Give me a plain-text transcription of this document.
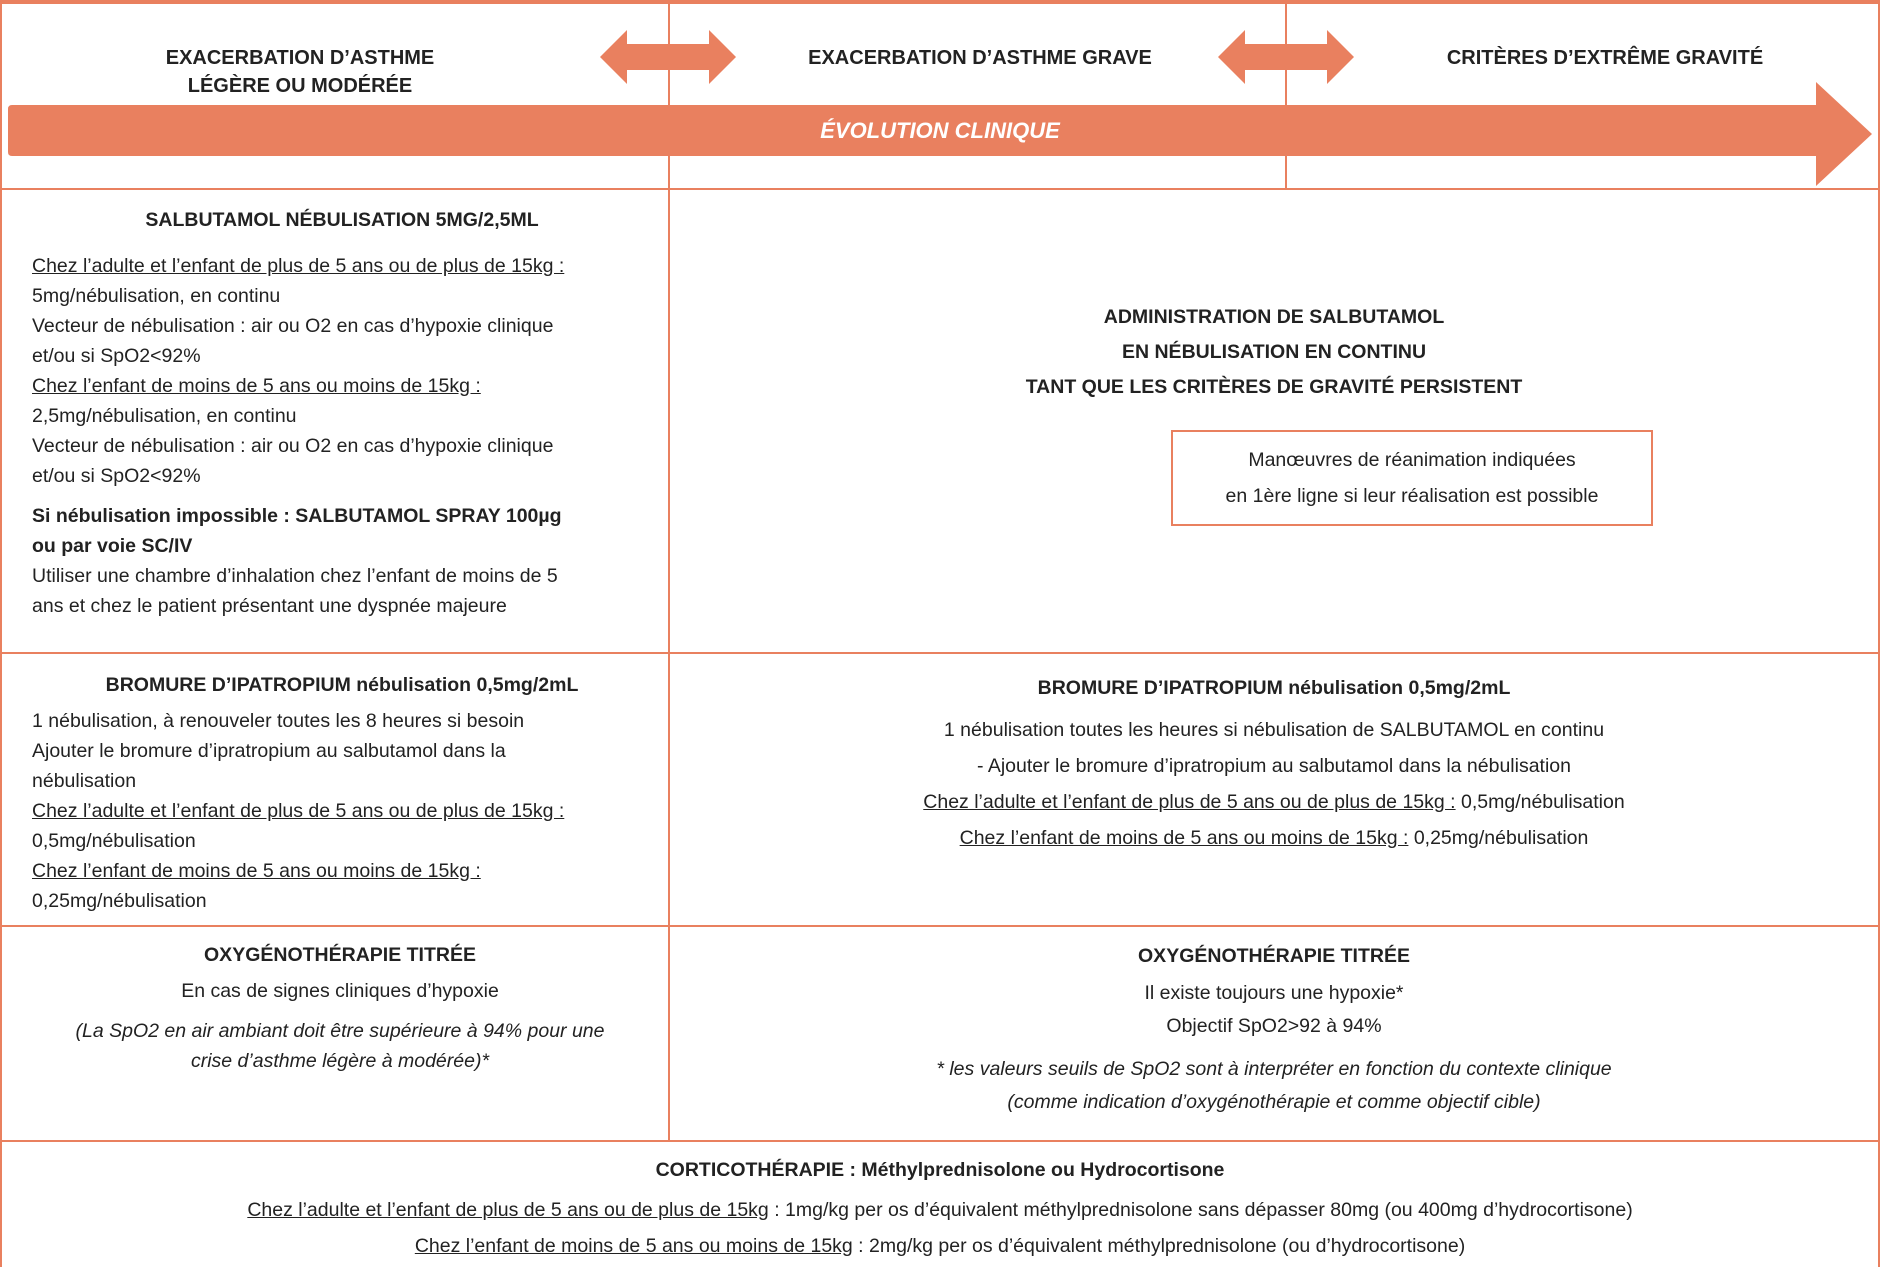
EXACERBATION D’ASTHME
LÉGÈRE OU MODÉRÉE
EXACERBATION D’ASTHME GRAVE	CRITÈRES D’EXTRÊME GRAVITÉ
ÉVOLUTION CLINIQUE

SALBUTAMOL NÉBULISATION 5MG/2,5ML

Chez l’adulte et l’enfant de plus de 5 ans ou de plus de 15kg :

5mg/nébulisation, en continu

Vecteur de nébulisation : air ou O2 en cas d’hypoxie clinique

et/ou si SpO2<92%

Chez l’enfant de moins de 5 ans ou moins de 15kg :

2,5mg/nébulisation, en continu

Vecteur de nébulisation : air ou O2 en cas d’hypoxie clinique

et/ou si SpO2<92%

Si nébulisation impossible : SALBUTAMOL SPRAY 100µg

ou par voie SC/IV

Utiliser une chambre d’inhalation chez l’enfant de moins de 5

ans et chez le patient présentant une dyspnée majeure

ADMINISTRATION DE SALBUTAMOL

EN NÉBULISATION EN CONTINU

TANT QUE LES CRITÈRES DE GRAVITÉ PERSISTENT

Manœuvres de réanimation indiquées
en 1ère ligne si leur réalisation est possible

BROMURE D’IPATROPIUM nébulisation 0,5mg/2mL

1 nébulisation, à renouveler toutes les 8 heures si besoin

Ajouter le bromure d’ipratropium au salbutamol dans la

nébulisation

Chez l’adulte et l’enfant de plus de 5 ans ou de plus de 15kg :

0,5mg/nébulisation

Chez l’enfant de moins de 5 ans ou moins de 15kg :

0,25mg/nébulisation

BROMURE D’IPATROPIUM nébulisation 0,5mg/2mL

1 nébulisation toutes les heures si nébulisation de SALBUTAMOL en continu

- Ajouter le bromure d’ipratropium au salbutamol dans la nébulisation

Chez l’adulte et l’enfant de plus de 5 ans ou de plus de 15kg : 0,5mg/nébulisation

Chez l’enfant de moins de 5 ans ou moins de 15kg : 0,25mg/nébulisation

OXYGÉNOTHÉRAPIE TITRÉE

En cas de signes cliniques d’hypoxie

(La SpO2 en air ambiant doit être supérieure à 94% pour une

crise d’asthme légère à modérée)*

OXYGÉNOTHÉRAPIE TITRÉE

Il existe toujours une hypoxie*

Objectif SpO2>92 à 94%

* les valeurs seuils de SpO2 sont à interpréter en fonction du contexte clinique

(comme indication d’oxygénothérapie et comme objectif cible)

CORTICOTHÉRAPIE : Méthylprednisolone ou Hydrocortisone

Chez l’adulte et l’enfant de plus de 5 ans ou de plus de 15kg : 1mg/kg per os d’équivalent méthylprednisolone sans dépasser 80mg (ou 400mg d’hydrocortisone)

Chez l’enfant de moins de 5 ans ou moins de 15kg : 2mg/kg per os d’équivalent méthylprednisolone (ou d’hydrocortisone)
